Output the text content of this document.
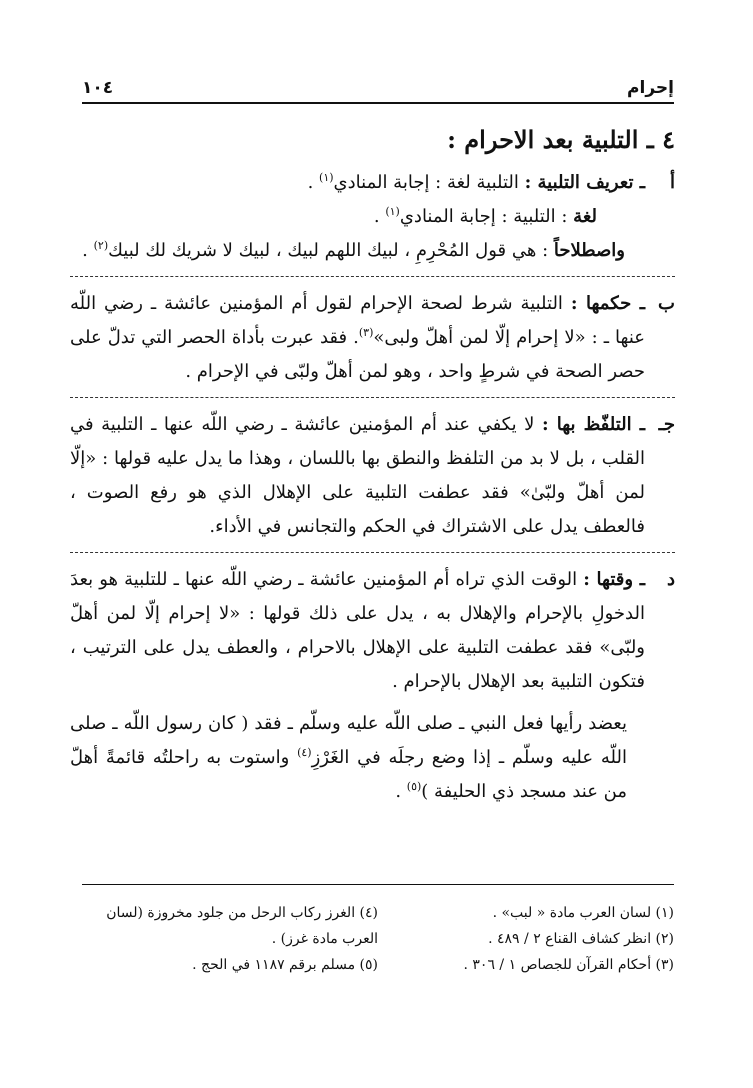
إحرام
١٠٤

٤ ـ التلبية بعد الاحرام :

أ

ـ تعريف التلبية : التلبية لغة : إجابة المنادي$^{(١)}$ .

لغة : التلبية : إجابة المنادي$^{(١)}$ .

واصطلاحاً : هي قول المُحْرِمِ ، لبيك اللهم لبيك ، لبيك لا شريك لك لبيك$^{(٢)}$ .

ب

ـ حكمها : التلبية شرط لصحة الإحرام لقول أم المؤمنين عائشة ـ رضي اللّه عنها ـ : «لا إحرام إلّا لمن أهلّ ولبى»$^{(٣)}$. فقد عبرت بأداة الحصر التي تدلّ على حصر الصحة في شرطٍ واحد ، وهو لمن أهلّ ولبّى في الإحرام .

جـ

ـ التلفّظ بها : لا يكفي عند أم المؤمنين عائشة ـ رضي اللّه عنها ـ التلبية في القلب ، بل لا بد من التلفظ والنطق بها باللسان ، وهذا ما يدل عليه قولها : «إلّا لمن أهلّ ولبّىٰ» فقد عطفت التلبية على الإهلال الذي هو رفع الصوت ، فالعطف يدل على الاشتراك في الحكم والتجانس في الأداء.

د

ـ وقتها : الوقت الذي تراه أم المؤمنين عائشة ـ رضي اللّه عنها ـ للتلبية هو بعدَ الدخولِ بالإحرام والإهلال به ، يدل على ذلك قولها : «لا إحرام إلّا لمن أهلّ ولبّى» فقد عطفت التلبية على الإهلال بالاحرام ، والعطف يدل على الترتيب ، فتكون التلبية بعد الإهلال بالإحرام .

يعضد رأيها فعل النبي ـ صلى اللّه عليه وسلّم ـ فقد ( كان رسول اللّه ـ صلى اللّه عليه وسلّم ـ إذا وضع رجلَه في الغَرْزِ$^{(٤)}$ واستوت به راحلتُه قائمةً أهلّ من عند مسجد ذي الحليفة )$^{(٥)}$ .

(١) لسان العرب مادة « لبب» .
(٢) انظر كشاف القناع ٢ / ٤٨٩ .
(٣) أحكام القرآن للجصاص ١ / ٣٠٦ .
(٤) الغرز ركاب الرحل من جلود مخروزة (لسان العرب مادة غرز) .
(٥) مسلم برقم ١١٨٧ في الحج .
